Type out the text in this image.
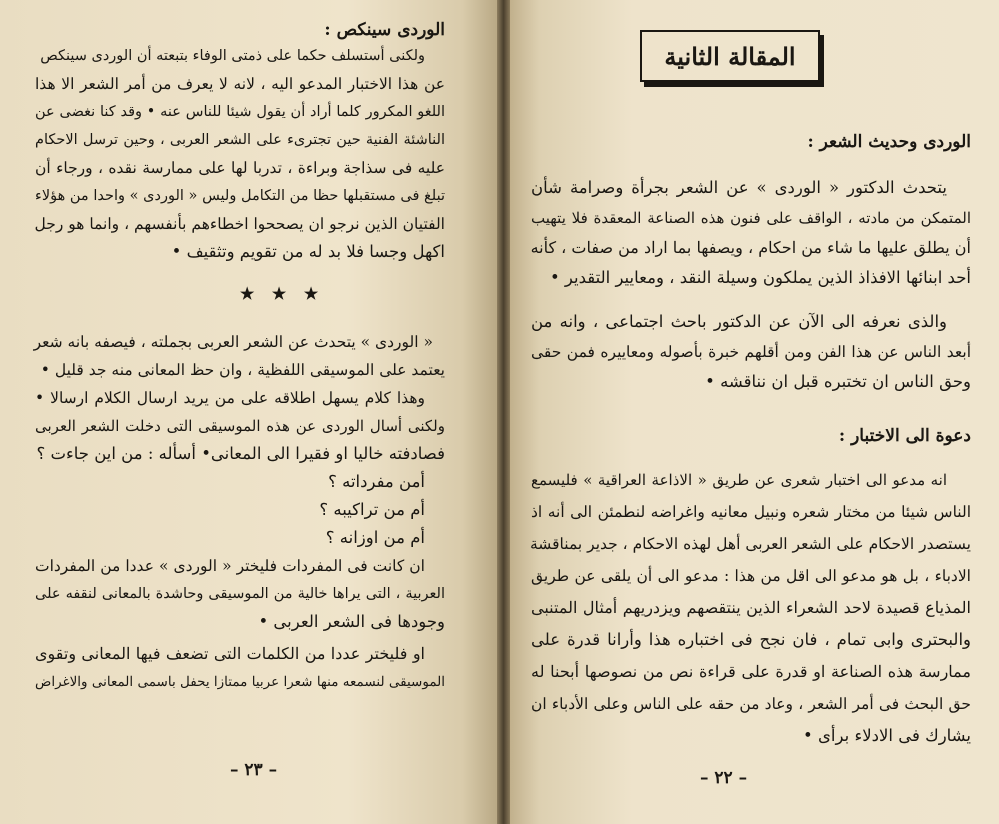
الوردى سينكص :
ولكنى أستسلف حكما على ذمتى الوفاء بتبعته أن الوردى سينكص
عن هذا الاختبار المدعو اليه ، لانه لا يعرف من أمر الشعر الا هذا
اللغو المكرور كلما أراد أن يقول شيئا للناس عنه • وقد كنا نغضى عن
الناشئة الفنية حين تجترىء على الشعر العربى ، وحين ترسل الاحكام
عليه فى سذاجة وبراءة ، تدربا لها على ممارسة نقده ، ورجاء أن
تبلغ فى مستقبلها حظا من التكامل وليس « الوردى » واحدا من هؤلاء
الفتيان الذين نرجو ان يصححوا اخطاءهم بأنفسهم ، وانما هو رجل
اكهل وجسا فلا بد له من تقويم وتثقيف •
★ ★ ★
« الوردى » يتحدث عن الشعر العربى بجملته ، فيصفه بانه شعر
يعتمد على الموسيقى اللفظية ، وان حظ المعانى منه جد قليل •
وهذا كلام يسهل اطلاقه على من يريد ارسال الكلام ارسالا •
ولكنى أسال الوردى عن هذه الموسيقى التى دخلت الشعر العربى
فصادفته خاليا او فقيرا الى المعانى• أسأله : من اين جاءت ؟
أمن مفرداته ؟
أم من تراكيبه ؟
أم من اوزانه ؟
ان كانت فى المفردات فليختر « الوردى » عددا من المفردات
العربية ، التى يراها خالية من الموسيقى وحاشدة بالمعانى لنقفه على
وجودها فى الشعر العربى •
او فليختر عددا من الكلمات التى تضعف فيها المعانى وتقوى
الموسيقى لنسمعه منها شعرا عربيا ممتازا يحفل باسمى المعانى والاغراض
– ٢٣ –
المقالة الثانية
الوردى وحديث الشعر :
يتحدث الدكتور « الوردى » عن الشعر بجرأة وصرامة شأن
المتمكن من مادته ، الواقف على فنون هذه الصناعة المعقدة فلا يتهيب
أن يطلق عليها ما شاء من احكام ، ويصفها بما اراد من صفات ، كأنه
أحد ابنائها الافذاذ الذين يملكون وسيلة النقد ، ومعايير التقدير •
والذى نعرفه الى الآن عن الدكتور باحث اجتماعى ، وانه من
أبعد الناس عن هذا الفن ومن أقلهم خبرة بأصوله ومعاييره فمن حقى
وحق الناس ان تختبره قبل ان نناقشه •
دعوة الى الاختبار :
انه مدعو الى اختبار شعرى عن طريق « الاذاعة العراقية » فليسمع
الناس شيئا من مختار شعره ونبيل معانيه واغراضه لنطمئن الى أنه اذ
يستصدر الاحكام على الشعر العربى أهل لهذه الاحكام ، جدير بمناقشة
الادباء ، بل هو مدعو الى اقل من هذا : مدعو الى أن يلقى عن طريق
المذياع قصيدة لاحد الشعراء الذين ينتقصهم ويزدريهم أمثال المتنبى
والبحترى وابى تمام ، فان نجح فى اختباره هذا وأرانا قدرة على
ممارسة هذه الصناعة او قدرة على قراءة نص من نصوصها أبحنا له
حق البحث فى أمر الشعر ، وعاد من حقه على الناس وعلى الأدباء ان
يشارك فى الادلاء برأى •
– ٢٢ –
